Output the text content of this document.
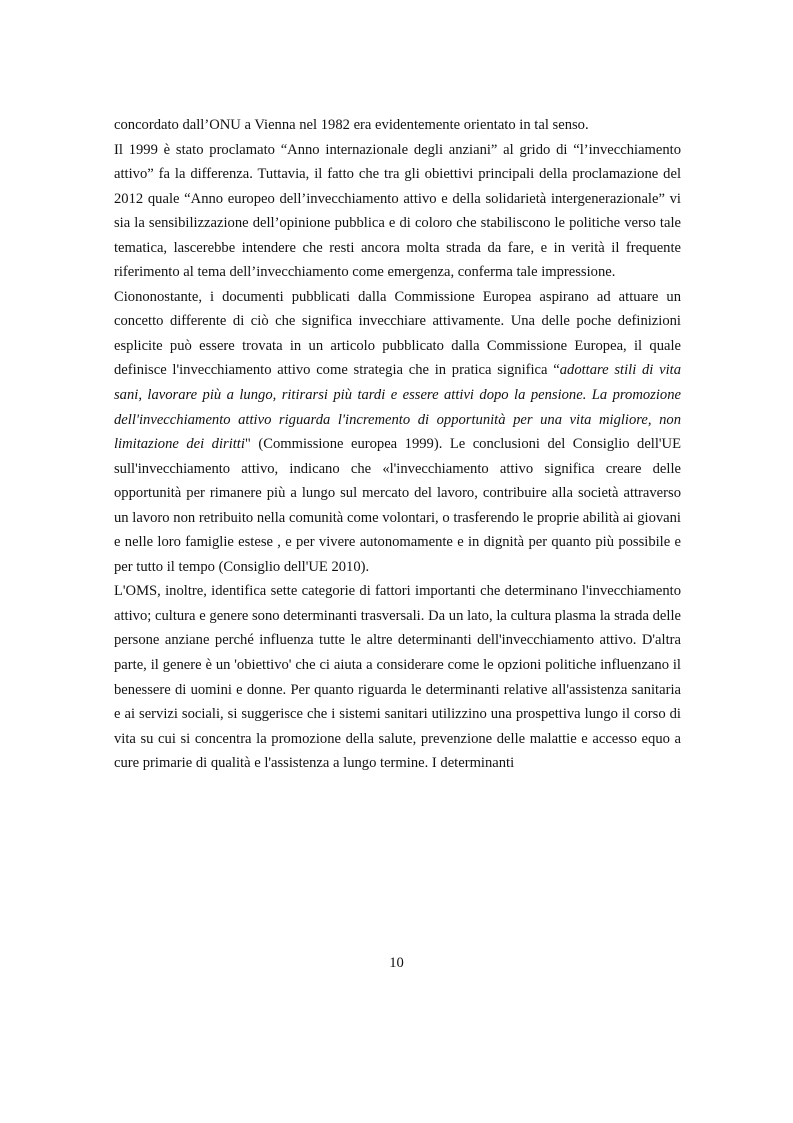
concordato dall’ONU a Vienna nel 1982 era evidentemente orientato in tal senso.

Il 1999 è stato proclamato “Anno internazionale degli anziani” al grido di “l’invecchiamento attivo” fa la differenza. Tuttavia, il fatto che tra gli obiettivi principali della proclamazione del 2012 quale “Anno europeo dell’invecchiamento attivo e della solidarietà intergenerazionale” vi sia la sensibilizzazione dell’opinione pubblica e di coloro che stabiliscono le politiche verso tale tematica, lascerebbe intendere che resti ancora molta strada da fare, e in verità il frequente riferimento al tema dell’invecchiamento come emergenza, conferma tale impressione.

Ciononostante, i documenti pubblicati dalla Commissione Europea aspirano ad attuare un concetto differente di ciò che significa invecchiare attivamente. Una delle poche definizioni esplicite può essere trovata in un articolo pubblicato dalla Commissione Europea, il quale definisce l'invecchiamento attivo come strategia che in pratica significa “adottare stili di vita sani, lavorare più a lungo, ritirarsi più tardi e essere attivi dopo la pensione. La promozione dell'invecchiamento attivo riguarda l'incremento di opportunità per una vita migliore, non limitazione dei diritti" (Commissione europea 1999). Le conclusioni del Consiglio dell'UE sull'invecchiamento attivo, indicano che «l'invecchiamento attivo significa creare delle opportunità per rimanere più a lungo sul mercato del lavoro, contribuire alla società attraverso un lavoro non retribuito nella comunità come volontari, o trasferendo le proprie abilità ai giovani e nelle loro famiglie estese , e per vivere autonomamente e in dignità per quanto più possibile e per tutto il tempo (Consiglio dell'UE 2010).

L'OMS, inoltre, identifica sette categorie di fattori importanti che determinano l'invecchiamento attivo; cultura e genere sono determinanti trasversali. Da un lato, la cultura plasma la strada delle persone anziane perché influenza tutte le altre determinanti dell'invecchiamento attivo. D'altra parte, il genere è un 'obiettivo' che ci aiuta a considerare come le opzioni politiche influenzano il benessere di uomini e donne. Per quanto riguarda le determinanti relative all'assistenza sanitaria e ai servizi sociali, si suggerisce che i sistemi sanitari utilizzino una prospettiva lungo il corso di vita su cui si concentra la promozione della salute, prevenzione delle malattie e accesso equo a cure primarie di qualità e l'assistenza a lungo termine. I determinanti

10
